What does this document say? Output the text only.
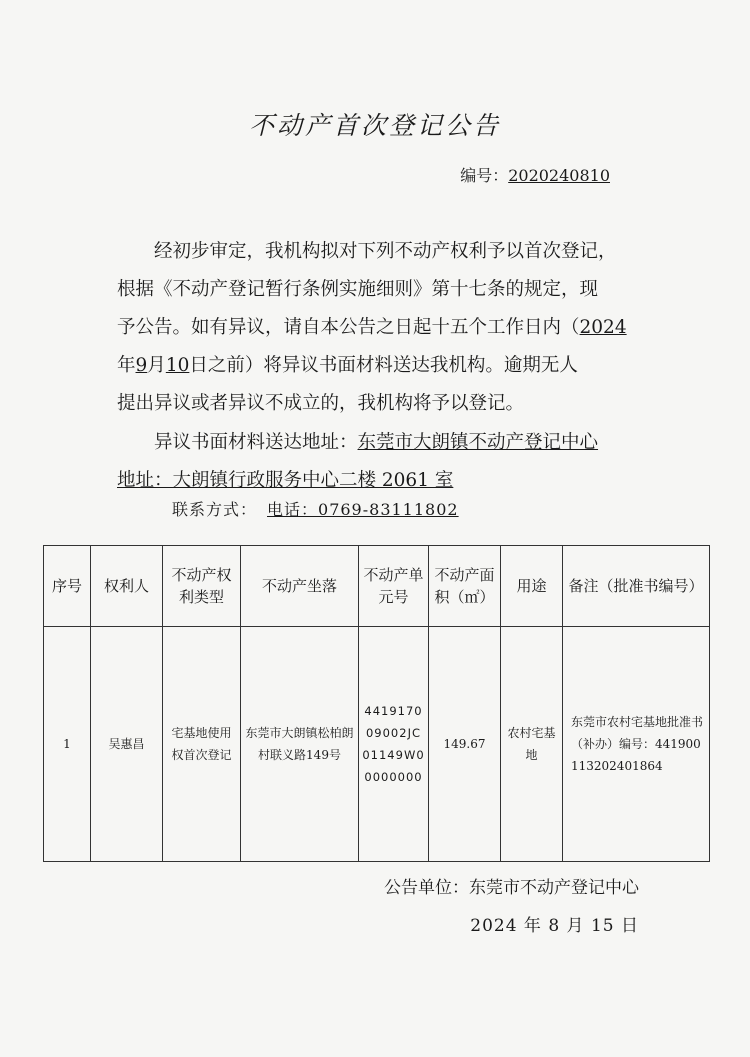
不动产首次登记公告
编号：2020240810

经初步审定，我机构拟对下列不动产权利予以首次登记，

根据《不动产登记暂行条例实施细则》第十七条的规定，现

予公告。如有异议，请自本公告之日起十五个工作日内（2024

年9月10日之前）将异议书面材料送达我机构。逾期无人

提出异议或者异议不成立的，我机构将予以登记。

异议书面材料送达地址：东莞市大朗镇不动产登记中心
地址：大朗镇行政服务中心二楼 2061 室
联系方式： 电话：0769-83111802
序号	权利人	不动产权利类型	不动产坐落	不动产单元号	不动产面积（㎡）	用途	备注（批准书编号）
1	吴惠昌	宅基地使用权首次登记	东莞市大朗镇松柏朗村联义路149号	441917009002JC01149W00000000	149.67	农村宅基地	东莞市农村宅基地批准书（补办）编号：441900113202401864
公告单位：东莞市不动产登记中心
2024 年 8 月 15 日
